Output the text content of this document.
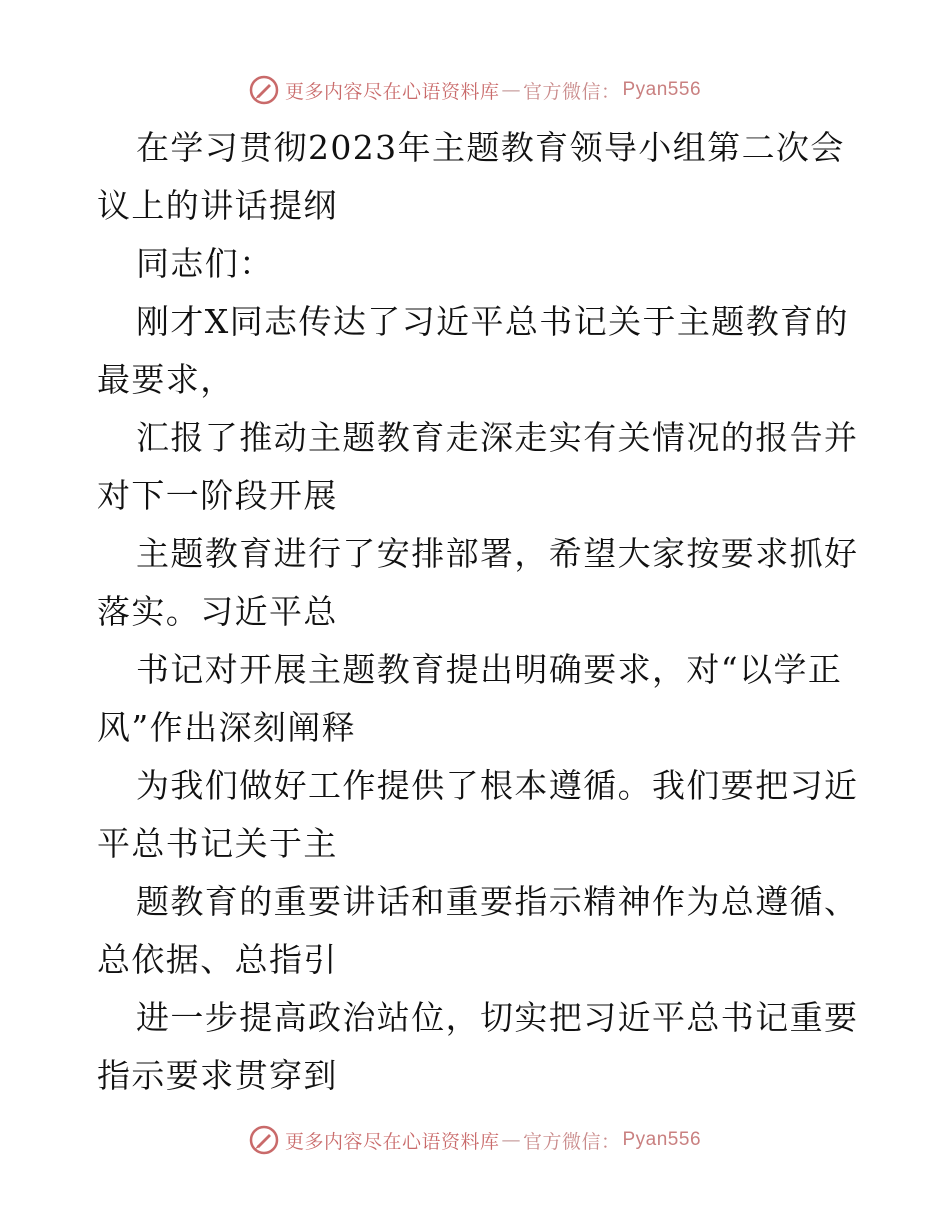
更多内容尽在心语资料库 — 官方微信： Pyan556
在学习贯彻2023年主题教育领导小组第二次会
议上的讲话提纲
同志们：
刚才X同志传达了习近平总书记关于主题教育的
最要求，
汇报了推动主题教育走深走实有关情况的报告并
对下一阶段开展
主题教育进行了安排部署，希望大家按要求抓好
落实。习近平总
书记对开展主题教育提出明确要求，对“以学正
风”作出深刻阐释
为我们做好工作提供了根本遵循。我们要把习近
平总书记关于主
题教育的重要讲话和重要指示精神作为总遵循、
总依据、总指引
进一步提高政治站位，切实把习近平总书记重要
指示要求贯穿到
更多内容尽在心语资料库 — 官方微信： Pyan556
